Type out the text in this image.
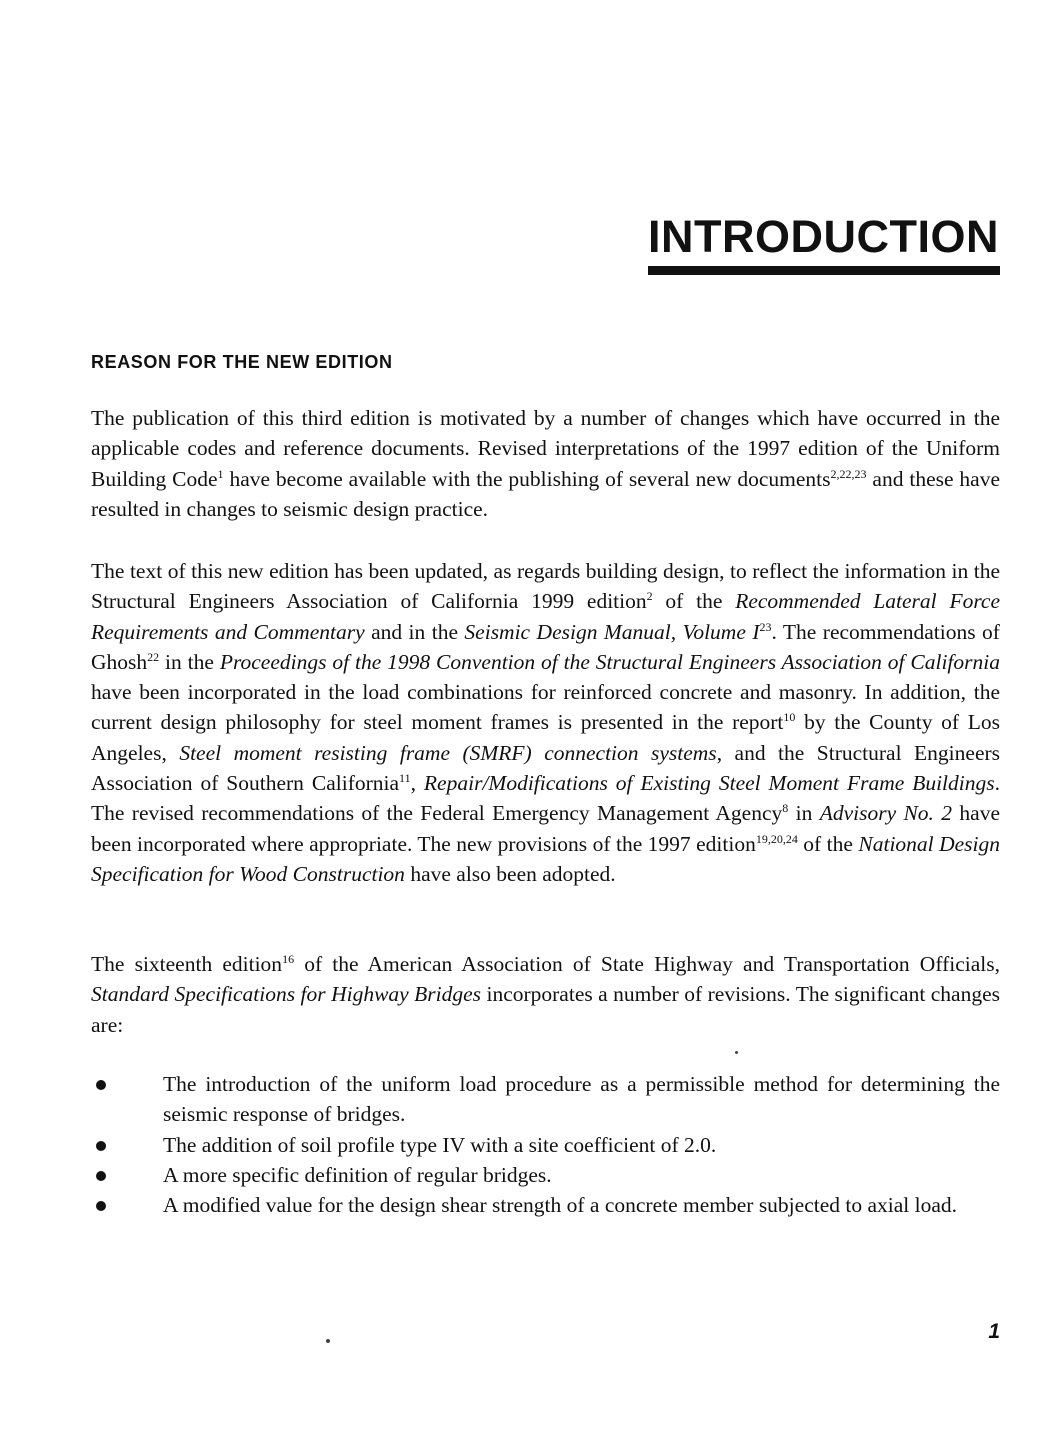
INTRODUCTION
REASON FOR THE NEW EDITION

The publication of this third edition is motivated by a number of changes which have occurred in the applicable codes and reference documents. Revised interpretations of the 1997 edition of the Uniform Building Code$^1$ have become available with the publishing of several new documents$^{2,22,23}$ and these have resulted in changes to seismic design practice.

The text of this new edition has been updated, as regards building design, to reflect the information in the Structural Engineers Association of California 1999 edition$^2$ of the Recommended Lateral Force Requirements and Commentary and in the Seismic Design Manual, Volume $I^{23}$. The recommendations of Ghosh$^{22}$ in the Proceedings of the 1998 Convention of the Structural Engineers Association of California have been incorporated in the load combinations for reinforced concrete and masonry. In addition, the current design philosophy for steel moment frames is presented in the report$^{10}$ by the County of Los Angeles, Steel moment resisting frame (SMRF) connection systems, and the Structural Engineers Association of Southern California$^{11}$, Repair/Modifications of Existing Steel Moment Frame Buildings. The revised recommendations of the Federal Emergency Management Agency$^8$ in Advisory No. 2 have been incorporated where appropriate. The new provisions of the 1997 edition$^{19,20,24}$ of the National Design Specification for Wood Construction have also been adopted.

The sixteenth edition$^{16}$ of the American Association of State Highway and Transportation Officials, Standard Specifications for Highway Bridges incorporates a number of revisions. The significant changes are:

The introduction of the uniform load procedure as a permissible method for determining the seismic response of bridges.
The addition of soil profile type IV with a site coefficient of 2.0.
A more specific definition of regular bridges.
A modified value for the design shear strength of a concrete member subjected to axial load.
1
